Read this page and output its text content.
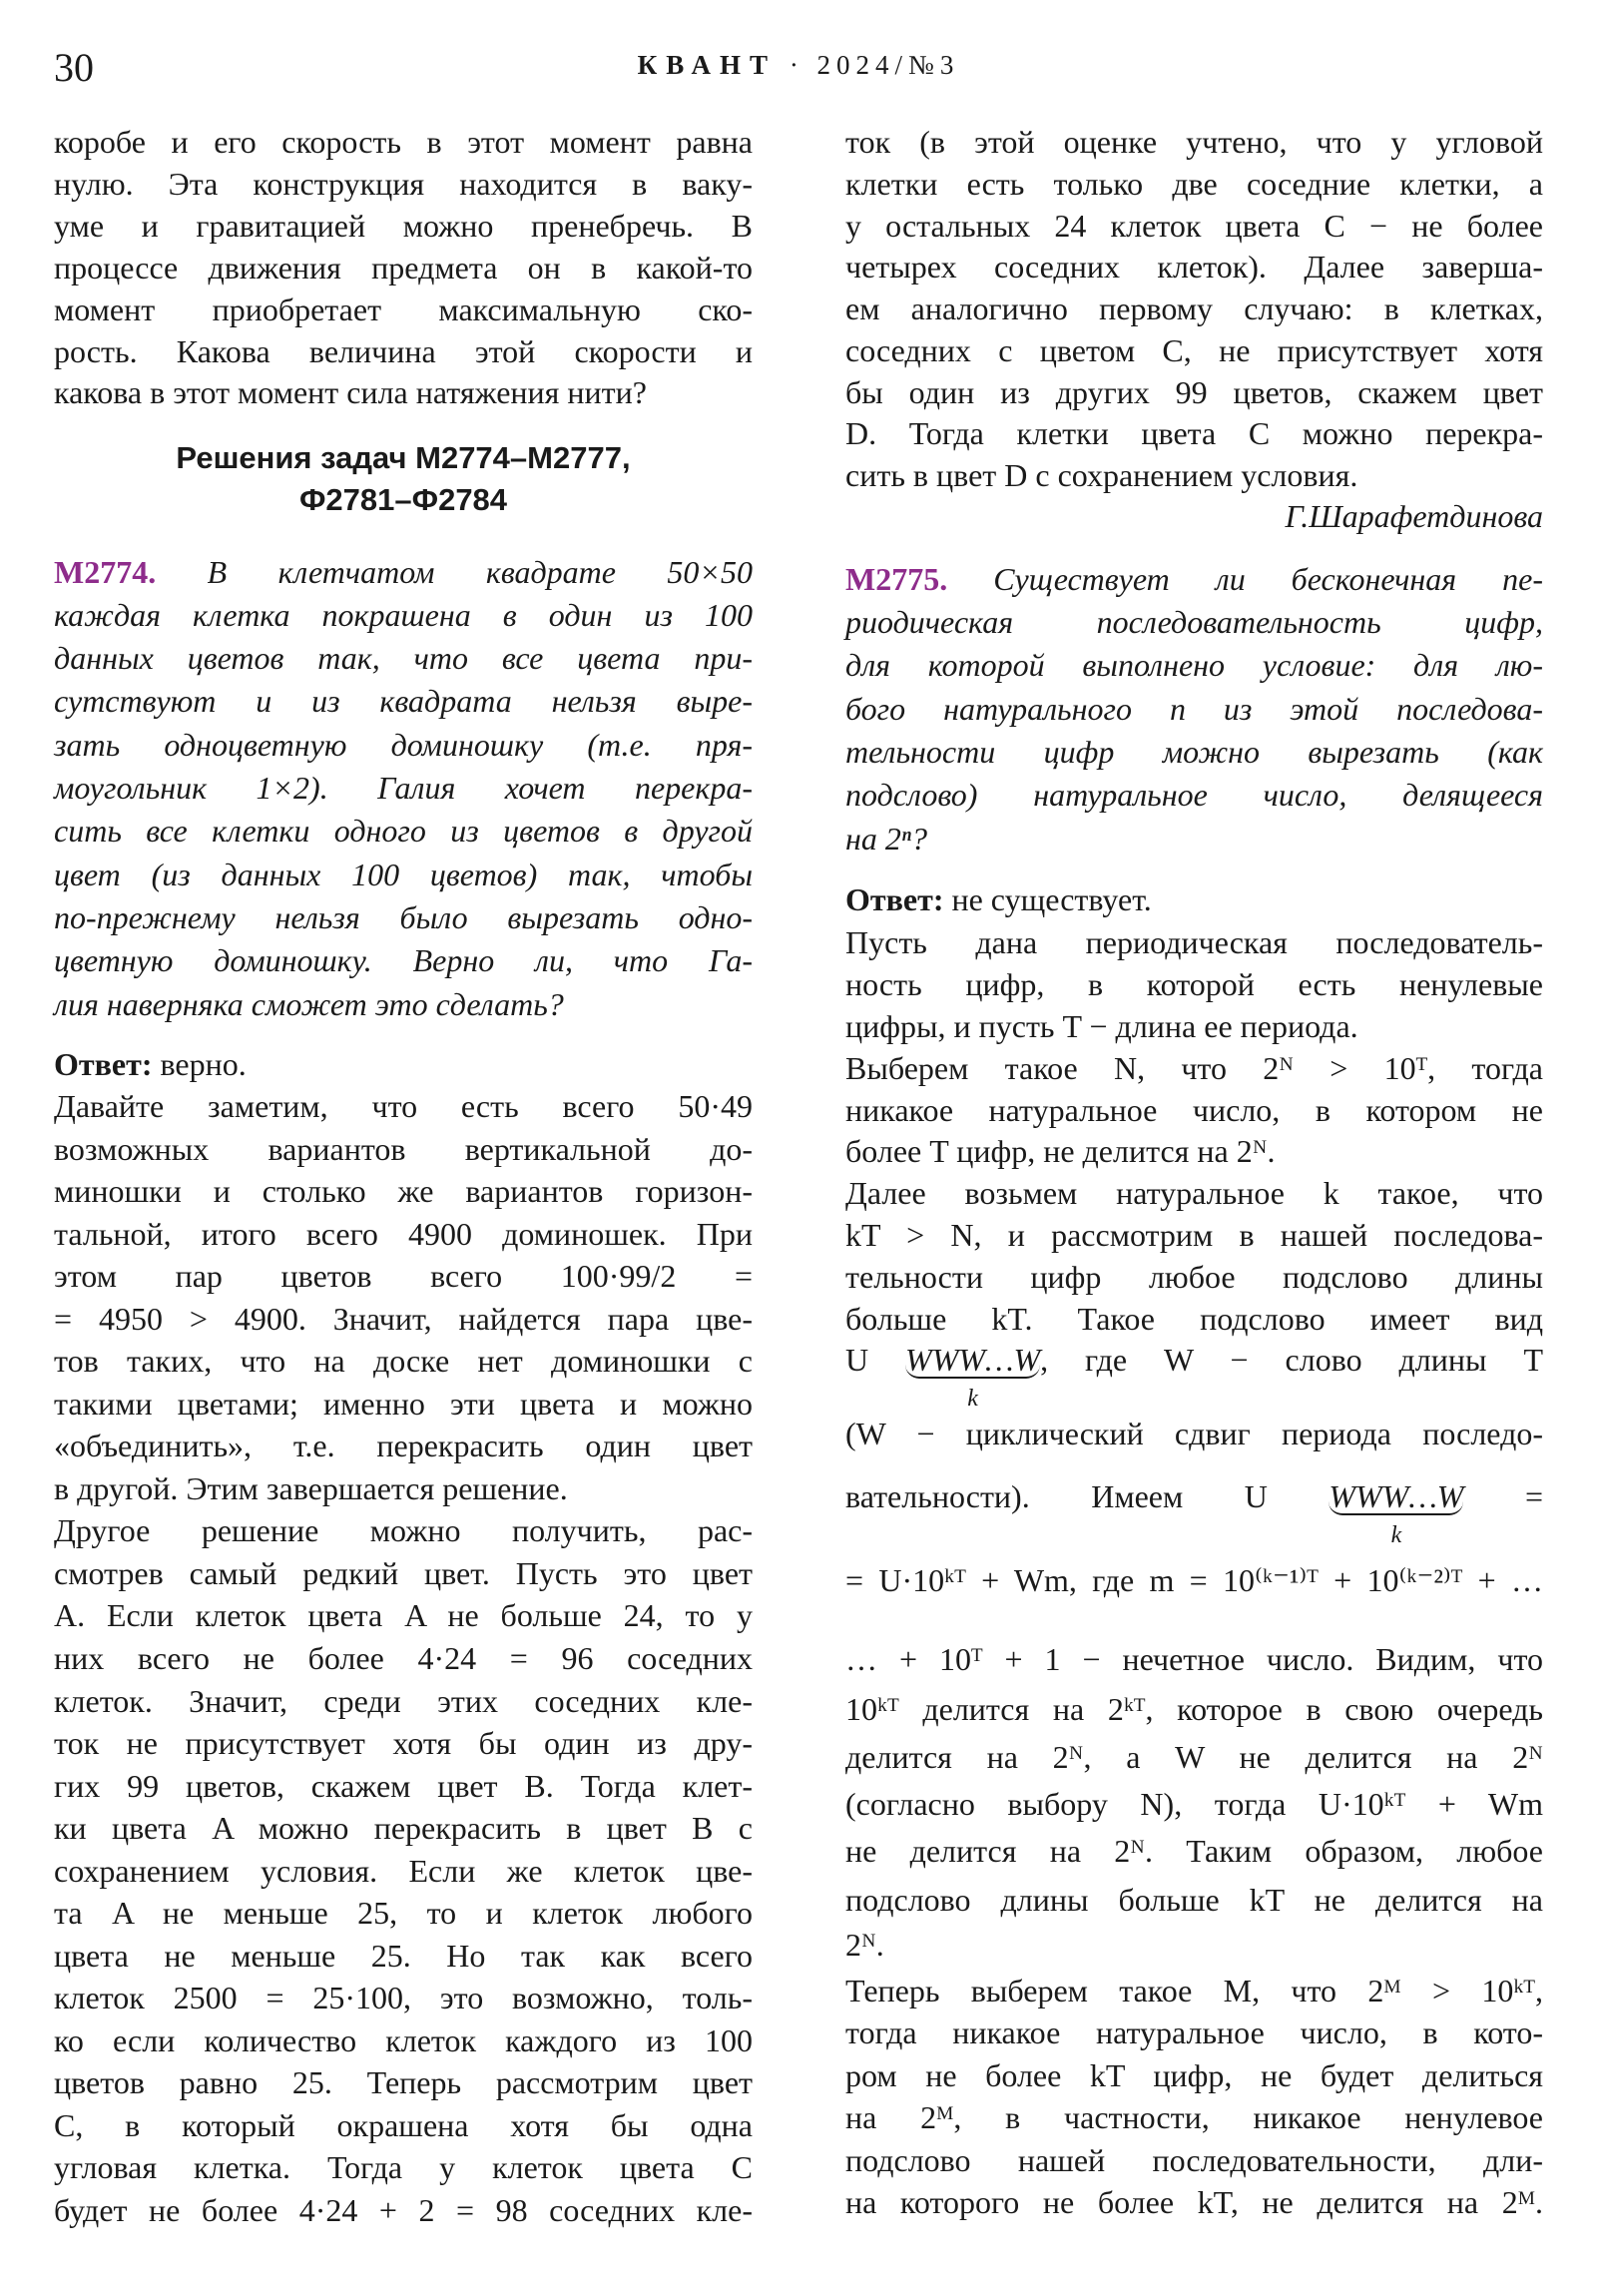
30	КВАНТ · 2024/№3
коробе и его скорость в этот момент равна
нулю. Эта конструкция находится в ваку-
уме и гравитацией можно пренебречь. В
процессе движения предмета он в какой-то
момент приобретает максимальную ско-
рость. Какова величина этой скорости и
какова в этот момент сила натяжения нити?
Решения задач М2774–М2777,
Ф2781–Ф2784
М2774. В клетчатом квадрате 50×50
каждая клетка покрашена в один из 100
данных цветов так, что все цвета при-
сутствуют и из квадрата нельзя выре-
зать одноцветную доминошку (т.е. пря-
моугольник 1×2). Галия хочет перекра-
сить все клетки одного из цветов в другой
цвет (из данных 100 цветов) так, чтобы
по-прежнему нельзя было вырезать одно-
цветную доминошку. Верно ли, что Га-
лия наверняка сможет это сделать?
Ответ: верно.
Давайте заметим, что есть всего 50·49
возможных вариантов вертикальной до-
миношки и столько же вариантов горизон-
тальной, итого всего 4900 доминошек. При
этом пар цветов всего 100·99/2 =
= 4950 > 4900. Значит, найдется пара цве-
тов таких, что на доске нет доминошки с
такими цветами; именно эти цвета и можно
«объединить», т.е. перекрасить один цвет
в другой. Этим завершается решение.
Другое решение можно получить, рас-
смотрев самый редкий цвет. Пусть это цвет
A. Если клеток цвета A не больше 24, то у
них всего не более 4·24 = 96 соседних
клеток. Значит, среди этих соседних кле-
ток не присутствует хотя бы один из дру-
гих 99 цветов, скажем цвет B. Тогда клет-
ки цвета A можно перекрасить в цвет B с
сохранением условия. Если же клеток цве-
та A не меньше 25, то и клеток любого
цвета не меньше 25. Но так как всего
клеток 2500 = 25·100, это возможно, толь-
ко если количество клеток каждого из 100
цветов равно 25. Теперь рассмотрим цвет
C, в который окрашена хотя бы одна
угловая клетка. Тогда у клеток цвета C
будет не более 4·24 + 2 = 98 соседних кле-
ток (в этой оценке учтено, что у угловой
клетки есть только две соседние клетки, а
у остальных 24 клеток цвета C − не более
четырех соседних клеток). Далее заверша-
ем аналогично первому случаю: в клетках,
соседних с цветом C, не присутствует хотя
бы один из других 99 цветов, скажем цвет
D. Тогда клетки цвета C можно перекра-
сить в цвет D с сохранением условия.
Г.Шарафетдинова
М2775. Существует ли бесконечная пе-
риодическая последовательность цифр,
для которой выполнено условие: для лю-
бого натурального n из этой последова-
тельности цифр можно вырезать (как
подслово) натуральное число, делящееся
на 2ⁿ?
Ответ: не существует.
Пусть дана периодическая последователь-
ность цифр, в которой есть ненулевые
цифры, и пусть T − длина ее периода.
Выберем такое N, что 2ᴺ > 10ᵀ, тогда
никакое натуральное число, в котором не
более T цифр, не делится на 2ᴺ.
Далее возьмем натуральное k такое, что
kT > N, и рассмотрим в нашей последова-
тельности цифр любое подслово длины
больше kT. Такое подслово имеет вид
U WWW…W
k
, где W − слово длины T
(W − циклический сдвиг периода последо-
вательности). Имеем U WWW…W
k
=
= U·10ᵏᵀ + Wm, где m = 10⁽ᵏ⁻¹⁾ᵀ + 10⁽ᵏ⁻²⁾ᵀ + …
… + 10ᵀ + 1 − нечетное число. Видим, что
10ᵏᵀ делится на 2ᵏᵀ, которое в свою очередь
делится на 2ᴺ, а W не делится на 2ᴺ
(согласно выбору N), тогда U·10ᵏᵀ + Wm
не делится на 2ᴺ. Таким образом, любое
подслово длины больше kT не делится на
2ᴺ.
Теперь выберем такое M, что 2ᴹ > 10ᵏᵀ,
тогда никакое натуральное число, в кото-
ром не более kT цифр, не будет делиться
на 2ᴹ, в частности, никакое ненулевое
подслово нашей последовательности, дли-
на которого не более kT, не делится на 2ᴹ.
